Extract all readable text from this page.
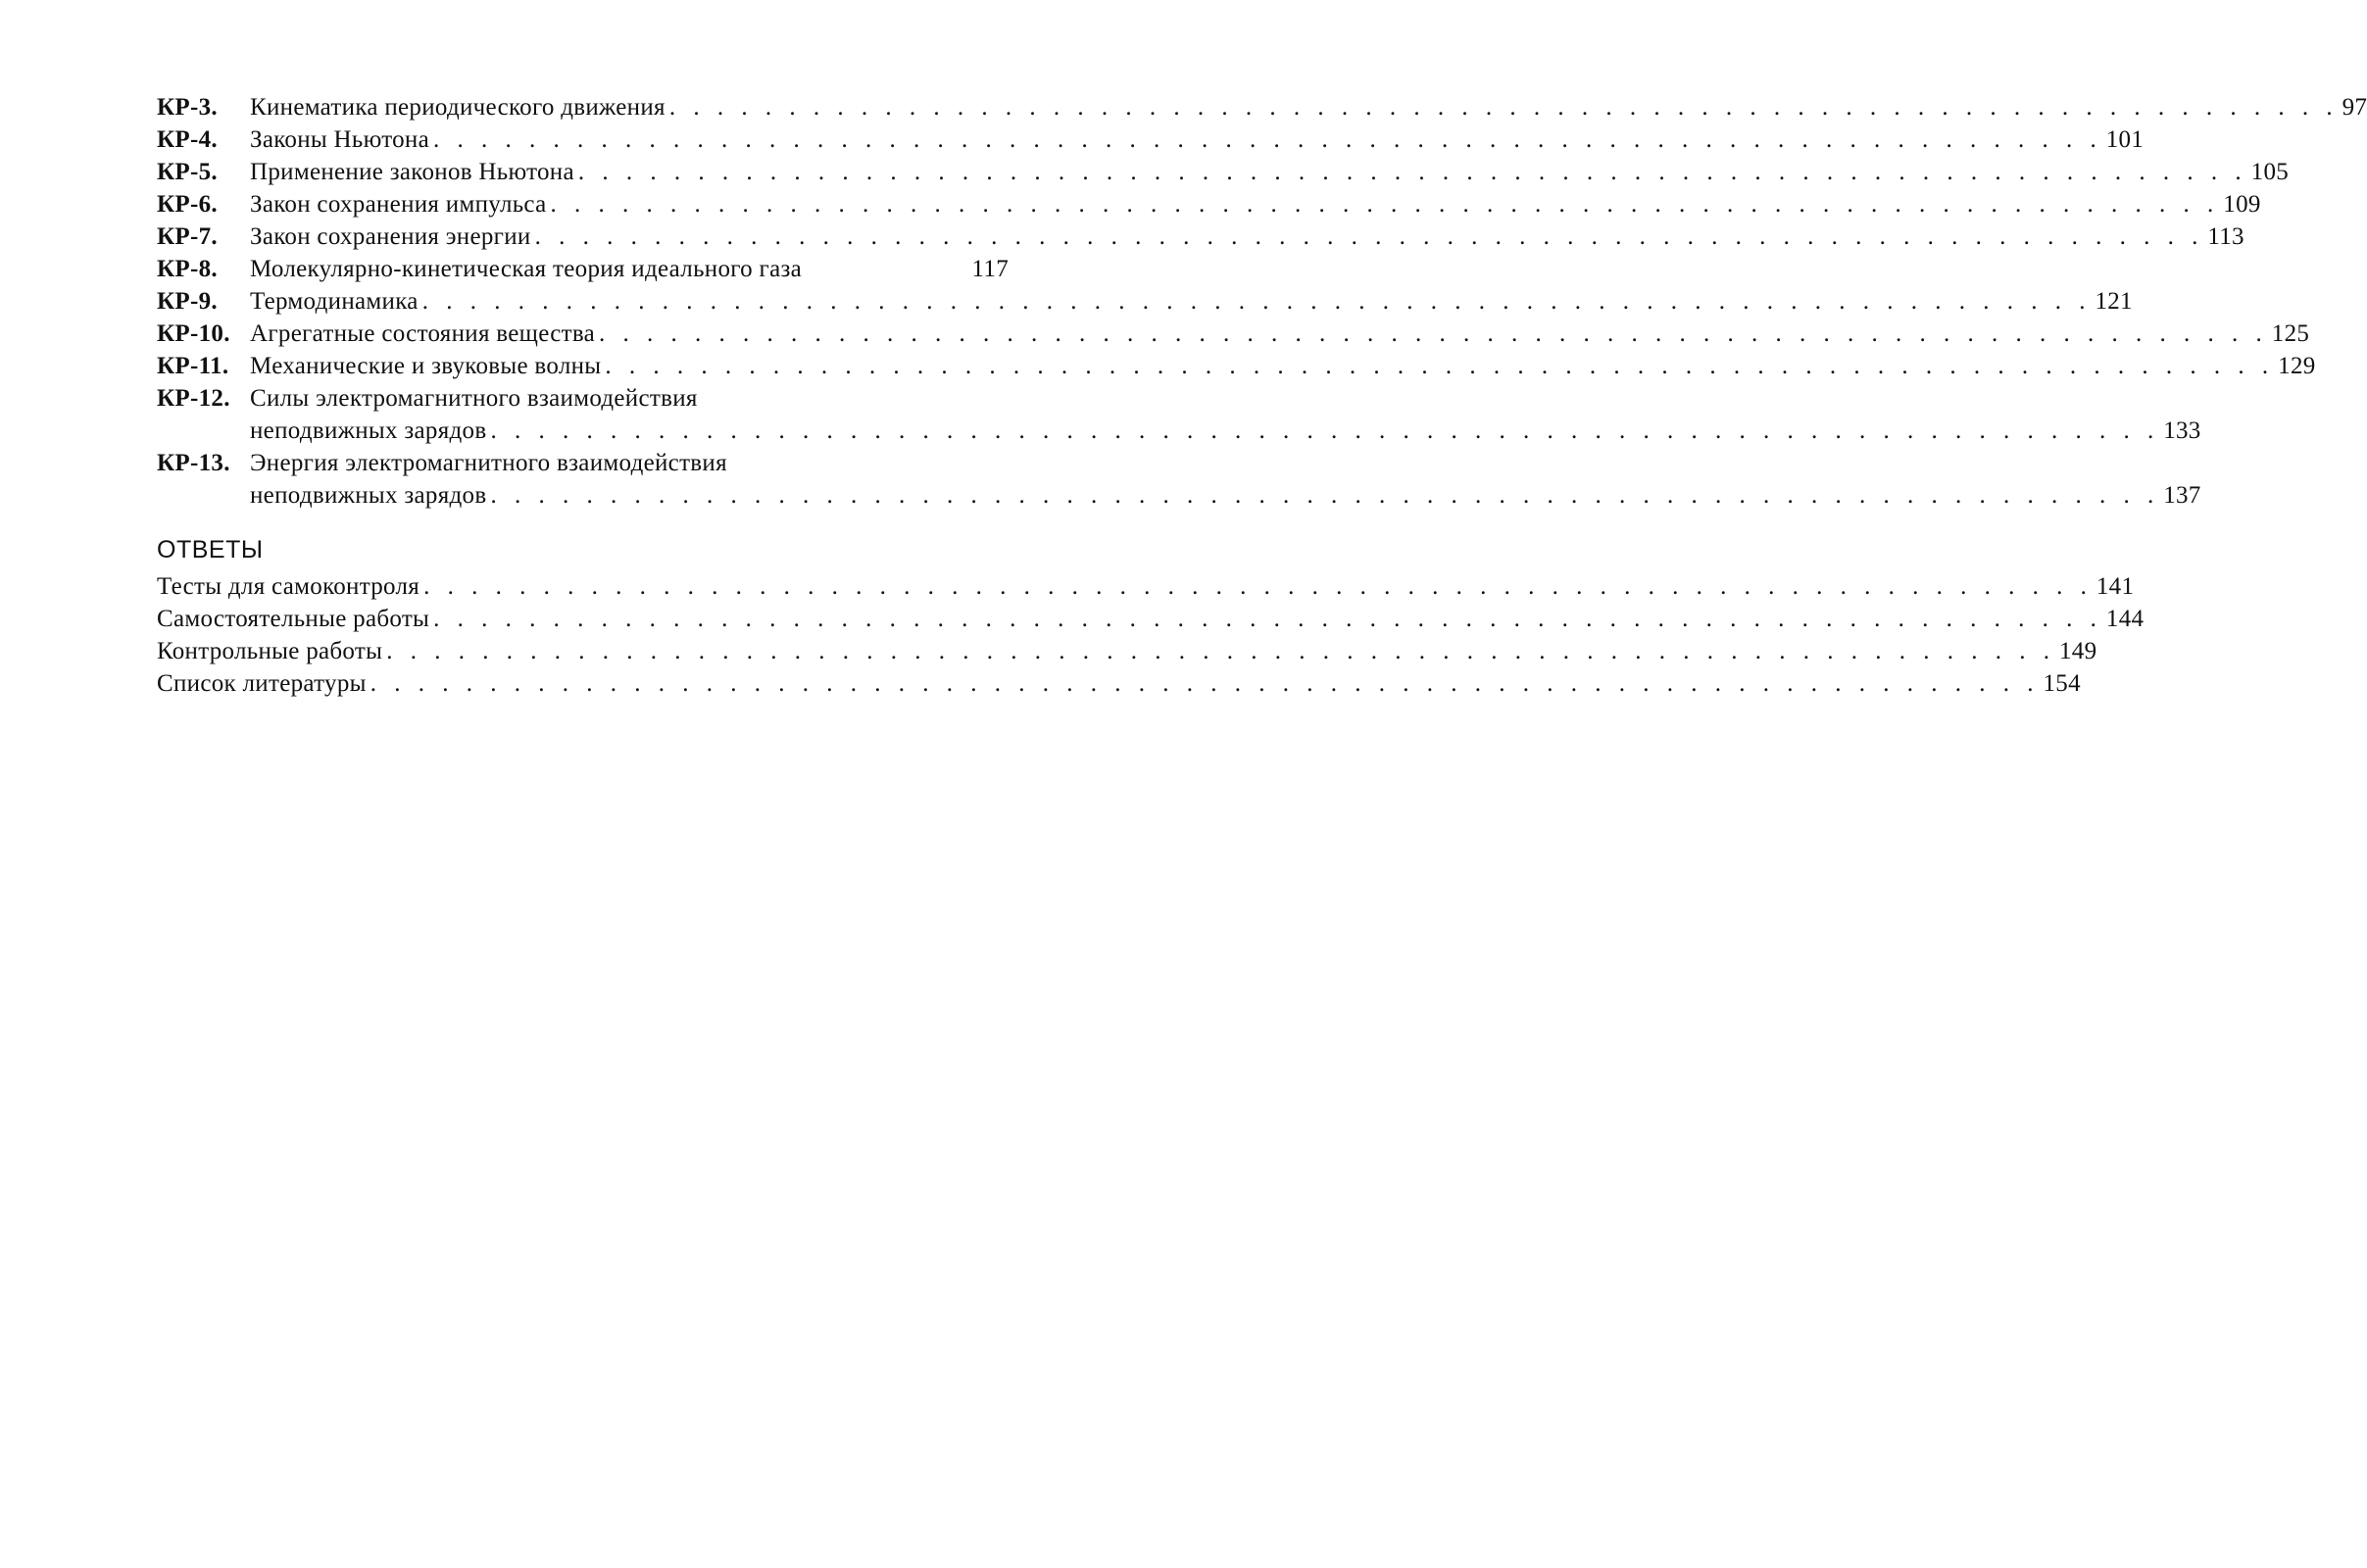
КР-3.	Кинематика периодического движения . . . . . . . . . . . . . . . . . . . . . . . . . . . . . . . . . . . . . . . . . . . . . . . . . . . . . . . . . . . . . . . . . . . . . . 97
КР-4.	Законы Ньютона . . . . . . . . . . . . . . . . . . . . . . . . . . . . . . . . . . . . . . . . . . . . . . . . . . . . . . . . . . . . . . . . . . . . . . 101
КР-5.	Применение законов Ньютона . . . . . . . . . . . . . . . . . . . . . . . . . . . . . . . . . . . . . . . . . . . . . . . . . . . . . . . . . . . . . . . . . . . . . . 105
КР-6.	Закон сохранения импульса . . . . . . . . . . . . . . . . . . . . . . . . . . . . . . . . . . . . . . . . . . . . . . . . . . . . . . . . . . . . . . . . . . . . . . 109
КР-7.	Закон сохранения энергии . . . . . . . . . . . . . . . . . . . . . . . . . . . . . . . . . . . . . . . . . . . . . . . . . . . . . . . . . . . . . . . . . . . . . . 113
КР-8.	Молекулярно-кинетическая теория идеального газа	117
КР-9.	Термодинамика . . . . . . . . . . . . . . . . . . . . . . . . . . . . . . . . . . . . . . . . . . . . . . . . . . . . . . . . . . . . . . . . . . . . . . 121
КР-10. Агрегатные состояния вещества . . . . . . . . . . . . . . . . . . . . . . . . . . . . . . . . . . . . . . . . . . . . . . . . . . . . . . . . . . . . . . . . . . . . . . 125
КР-11. Механические и звуковые волны . . . . . . . . . . . . . . . . . . . . . . . . . . . . . . . . . . . . . . . . . . . . . . . . . . . . . . . . . . . . . . . . . . . . . . 129
КР-12. Силы электромагнитного взаимодействия
неподвижных зарядов . . . . . . . . . . . . . . . . . . . . . . . . . . . . . . . . . . . . . . . . . . . . . . . . . . . . . . . . . . . . . . . . . . . . . . 133
КР-13. Энергия электромагнитного взаимодействия
неподвижных зарядов . . . . . . . . . . . . . . . . . . . . . . . . . . . . . . . . . . . . . . . . . . . . . . . . . . . . . . . . . . . . . . . . . . . . . . 137
ОТВЕТЫ
Тесты для самоконтроля . . . . . . . . . . . . . . . . . . . . . . . . . . . . . . . . . . . . . . . . . . . . . . . . . . . . . . . . . . . . . . . . . . . . . . 141
Самостоятельные работы . . . . . . . . . . . . . . . . . . . . . . . . . . . . . . . . . . . . . . . . . . . . . . . . . . . . . . . . . . . . . . . . . . . . . . 144
Контрольные работы . . . . . . . . . . . . . . . . . . . . . . . . . . . . . . . . . . . . . . . . . . . . . . . . . . . . . . . . . . . . . . . . . . . . . . 149
Список литературы . . . . . . . . . . . . . . . . . . . . . . . . . . . . . . . . . . . . . . . . . . . . . . . . . . . . . . . . . . . . . . . . . . . . . . 154
